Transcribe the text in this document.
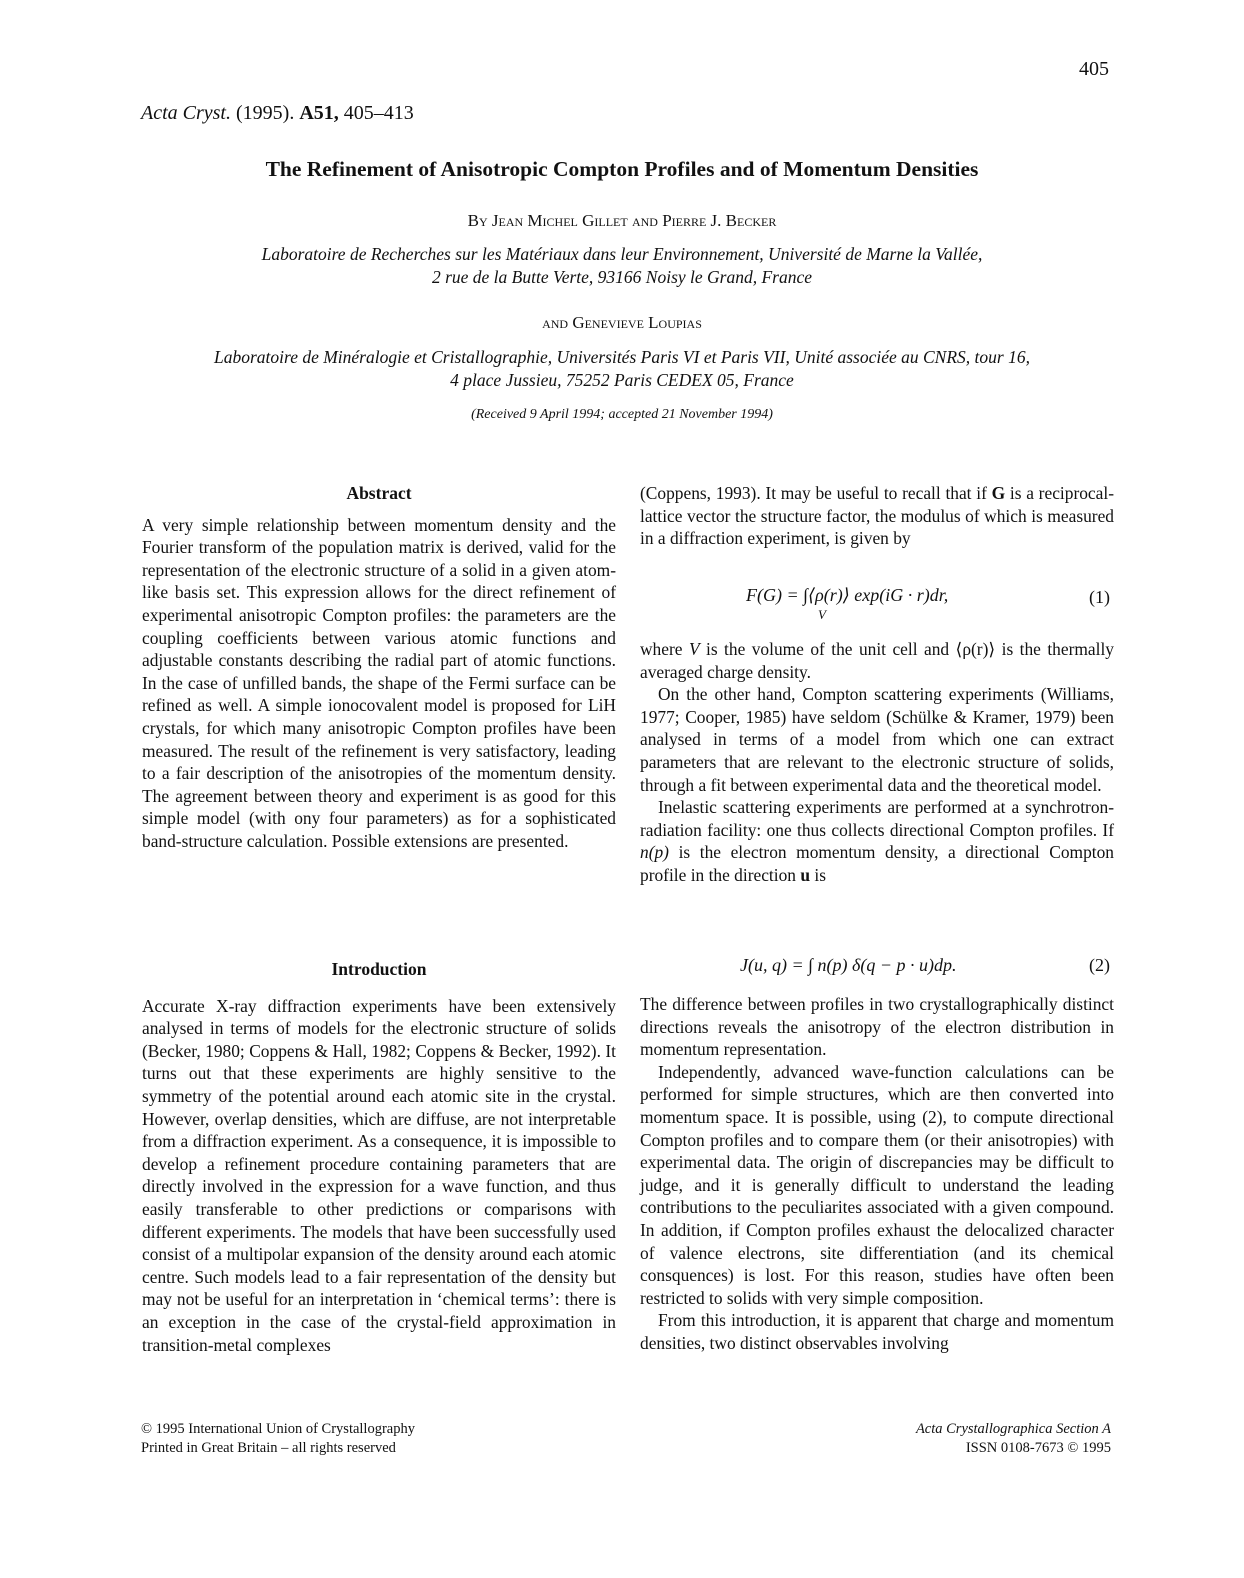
405
Acta Cryst. (1995). A51, 405–413
The Refinement of Anisotropic Compton Profiles and of Momentum Densities
By Jean Michel Gillet and Pierre J. Becker
Laboratoire de Recherches sur les Matériaux dans leur Environnement, Université de Marne la Vallée,
2 rue de la Butte Verte, 93166 Noisy le Grand, France
and Genevieve Loupias
Laboratoire de Minéralogie et Cristallographie, Universités Paris VI et Paris VII, Unité associée au CNRS, tour 16,
4 place Jussieu, 75252 Paris CEDEX 05, France
(Received 9 April 1994; accepted 21 November 1994)

Abstract

A very simple relationship between momentum density and the Fourier transform of the population matrix is derived, valid for the representation of the electronic structure of a solid in a given atom-like basis set. This expression allows for the direct refinement of experimental anisotropic Compton profiles: the parameters are the coupling coefficients between various atomic functions and adjustable constants describing the radial part of atomic functions. In the case of unfilled bands, the shape of the Fermi surface can be refined as well. A simple ionocovalent model is proposed for LiH crystals, for which many anisotropic Compton profiles have been measured. The result of the refinement is very satisfactory, leading to a fair description of the anisotropies of the momentum density. The agreement between theory and experiment is as good for this simple model (with ony four parameters) as for a sophisticated band-structure calculation. Possible extensions are presented.

Introduction

Accurate X-ray diffraction experiments have been extensively analysed in terms of models for the electronic structure of solids (Becker, 1980; Coppens & Hall, 1982; Coppens & Becker, 1992). It turns out that these experiments are highly sensitive to the symmetry of the potential around each atomic site in the crystal. However, overlap densities, which are diffuse, are not interpretable from a diffraction experiment. As a consequence, it is impossible to develop a refinement procedure containing parameters that are directly involved in the expression for a wave function, and thus easily transferable to other predictions or comparisons with different experiments. The models that have been successfully used consist of a multipolar expansion of the density around each atomic centre. Such models lead to a fair representation of the density but may not be useful for an interpretation in ‘chemical terms’: there is an exception in the case of the crystal-field approximation in transition-metal complexes

(Coppens, 1993). It may be useful to recall that if G is a reciprocal-lattice vector the structure factor, the modulus of which is measured in a diffraction experiment, is given by

F(G) = ∫⟨ρ(r)⟩ exp(iG · r)dr,
V
(1)

where V is the volume of the unit cell and ⟨ρ(r)⟩ is the thermally averaged charge density.

On the other hand, Compton scattering experiments (Williams, 1977; Cooper, 1985) have seldom (Schülke & Kramer, 1979) been analysed in terms of a model from which one can extract parameters that are relevant to the electronic structure of solids, through a fit between experimental data and the theoretical model.

Inelastic scattering experiments are performed at a synchrotron-radiation facility: one thus collects directional Compton profiles. If n(p) is the electron momentum density, a directional Compton profile in the direction u is

J(u, q) = ∫ n(p) δ(q − p · u)dp.	(2)

The difference between profiles in two crystallographically distinct directions reveals the anisotropy of the electron distribution in momentum representation.

Independently, advanced wave-function calculations can be performed for simple structures, which are then converted into momentum space. It is possible, using (2), to compute directional Compton profiles and to compare them (or their anisotropies) with experimental data. The origin of discrepancies may be difficult to judge, and it is generally difficult to understand the leading contributions to the peculiarites associated with a given compound. In addition, if Compton profiles exhaust the delocalized character of valence electrons, site differentiation (and its chemical consquences) is lost. For this reason, studies have often been restricted to solids with very simple composition.

From this introduction, it is apparent that charge and momentum densities, two distinct observables involving

© 1995 International Union of Crystallography
Printed in Great Britain – all rights reserved
Acta Crystallographica Section A
ISSN 0108-7673 © 1995
